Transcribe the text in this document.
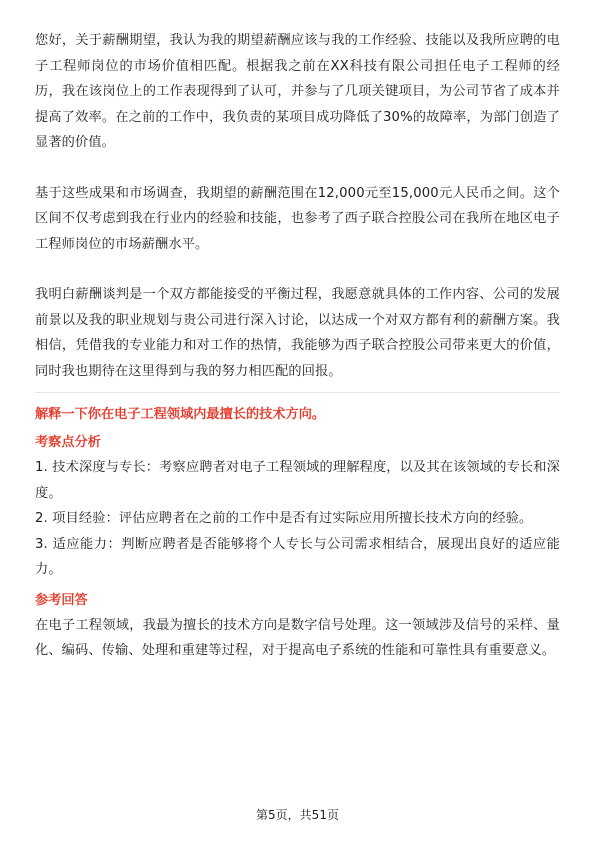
您好，关于薪酬期望，我认为我的期望薪酬应该与我的工作经验、技能以及我所应聘的电子工程师岗位的市场价值相匹配。根据我之前在XX科技有限公司担任电子工程师的经历，我在该岗位上的工作表现得到了认可，并参与了几项关键项目，为公司节省了成本并提高了效率。在之前的工作中，我负责的某项目成功降低了30%的故障率，为部门创造了显著的价值。

基于这些成果和市场调查，我期望的薪酬范围在12,000元至15,000元人民币之间。这个区间不仅考虑到我在行业内的经验和技能，也参考了西子联合控股公司在我所在地区电子工程师岗位的市场薪酬水平。

我明白薪酬谈判是一个双方都能接受的平衡过程，我愿意就具体的工作内容、公司的发展前景以及我的职业规划与贵公司进行深入讨论，以达成一个对双方都有利的薪酬方案。我相信，凭借我的专业能力和对工作的热情，我能够为西子联合控股公司带来更大的价值，同时我也期待在这里得到与我的努力相匹配的回报。

解释一下你在电子工程领域内最擅长的技术方向。

考察点分析

1. 技术深度与专长：考察应聘者对电子工程领域的理解程度，以及其在该领域的专长和深度。

2. 项目经验：评估应聘者在之前的工作中是否有过实际应用所擅长技术方向的经验。

3. 适应能力：判断应聘者是否能够将个人专长与公司需求相结合，展现出良好的适应能力。

参考回答

在电子工程领域，我最为擅长的技术方向是数字信号处理。这一领域涉及信号的采样、量化、编码、传输、处理和重建等过程，对于提高电子系统的性能和可靠性具有重要意义。

第5页，共51页
